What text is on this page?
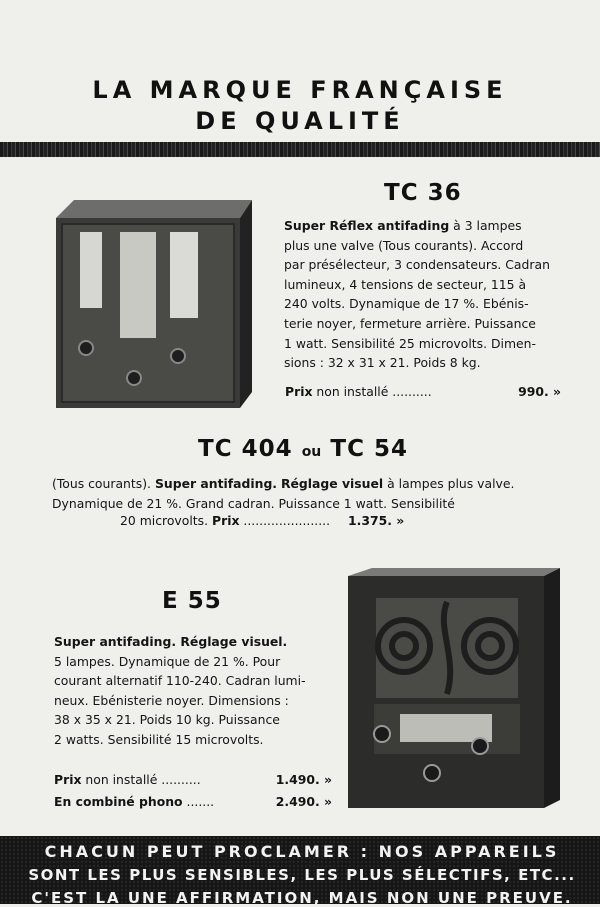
LA MARQUE FRANÇAISE
DE QUALITÉ
TC 36
Super Réflex antifading à 3 lampes
plus une valve (Tous courants). Accord
par présélecteur, 3 condensateurs. Cadran
lumineux, 4 tensions de secteur, 115 à
240 volts. Dynamique de 17 %. Ebénis-
terie noyer, fermeture arrière. Puissance
1 watt. Sensibilité 25 microvolts. Dimen-
sions : 32 x 31 x 21. Poids 8 kg.
Prix non installé ..........	990. »
TC 404 ou TC 54
(Tous courants). Super antifading. Réglage visuel à lampes plus valve.
Dynamique de 21 %. Grand cadran. Puissance 1 watt. Sensibilité
20 microvolts. Prix ...................... 1.375. »
E 55
Super antifading. Réglage visuel.
5 lampes. Dynamique de 21 %. Pour
courant alternatif 110-240. Cadran lumi-
neux. Ebénisterie noyer. Dimensions :
38 x 35 x 21. Poids 10 kg. Puissance
2 watts. Sensibilité 15 microvolts.
Prix non installé ..........	1.490. »
En combiné phono .......	2.490. »
CHACUN PEUT PROCLAMER : NOS APPAREILS
SONT LES PLUS SENSIBLES, LES PLUS SÉLECTIFS, ETC...
C'EST LA UNE AFFIRMATION, MAIS NON UNE PREUVE.
